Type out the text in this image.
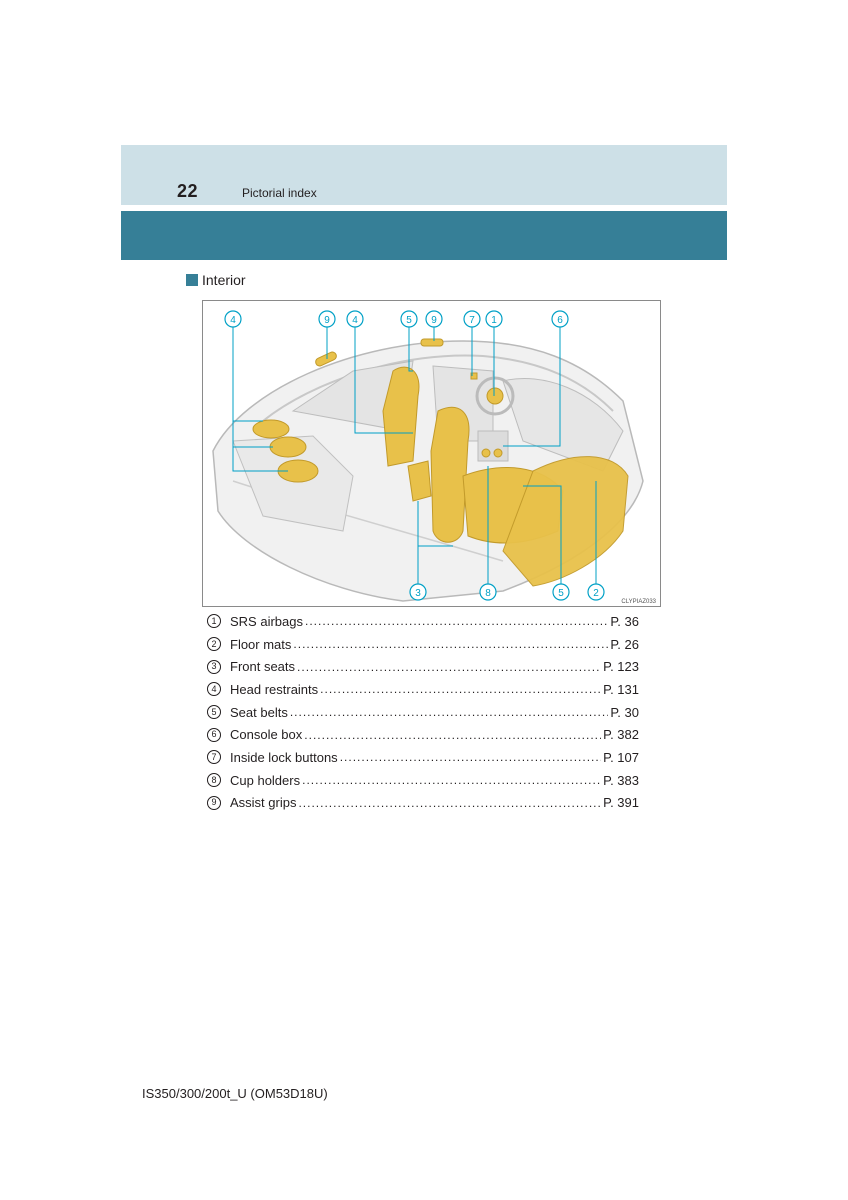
22	Pictorial index
Interior
4	9 4	5 9	7 1	6
3	8	5	2
CLYPIAZ033
1	SRS airbags .....	P. 36
2	Floor mats .....	P. 26
3	Front seats .....	P. 123
4	Head restraints .....	P. 131
5	Seat belts .....	P. 30
6	Console box .....	P. 382
7	Inside lock buttons .....	P. 107
8	Cup holders .....	P. 383
9	Assist grips .....	P. 391
IS350/300/200t_U (OM53D18U)
